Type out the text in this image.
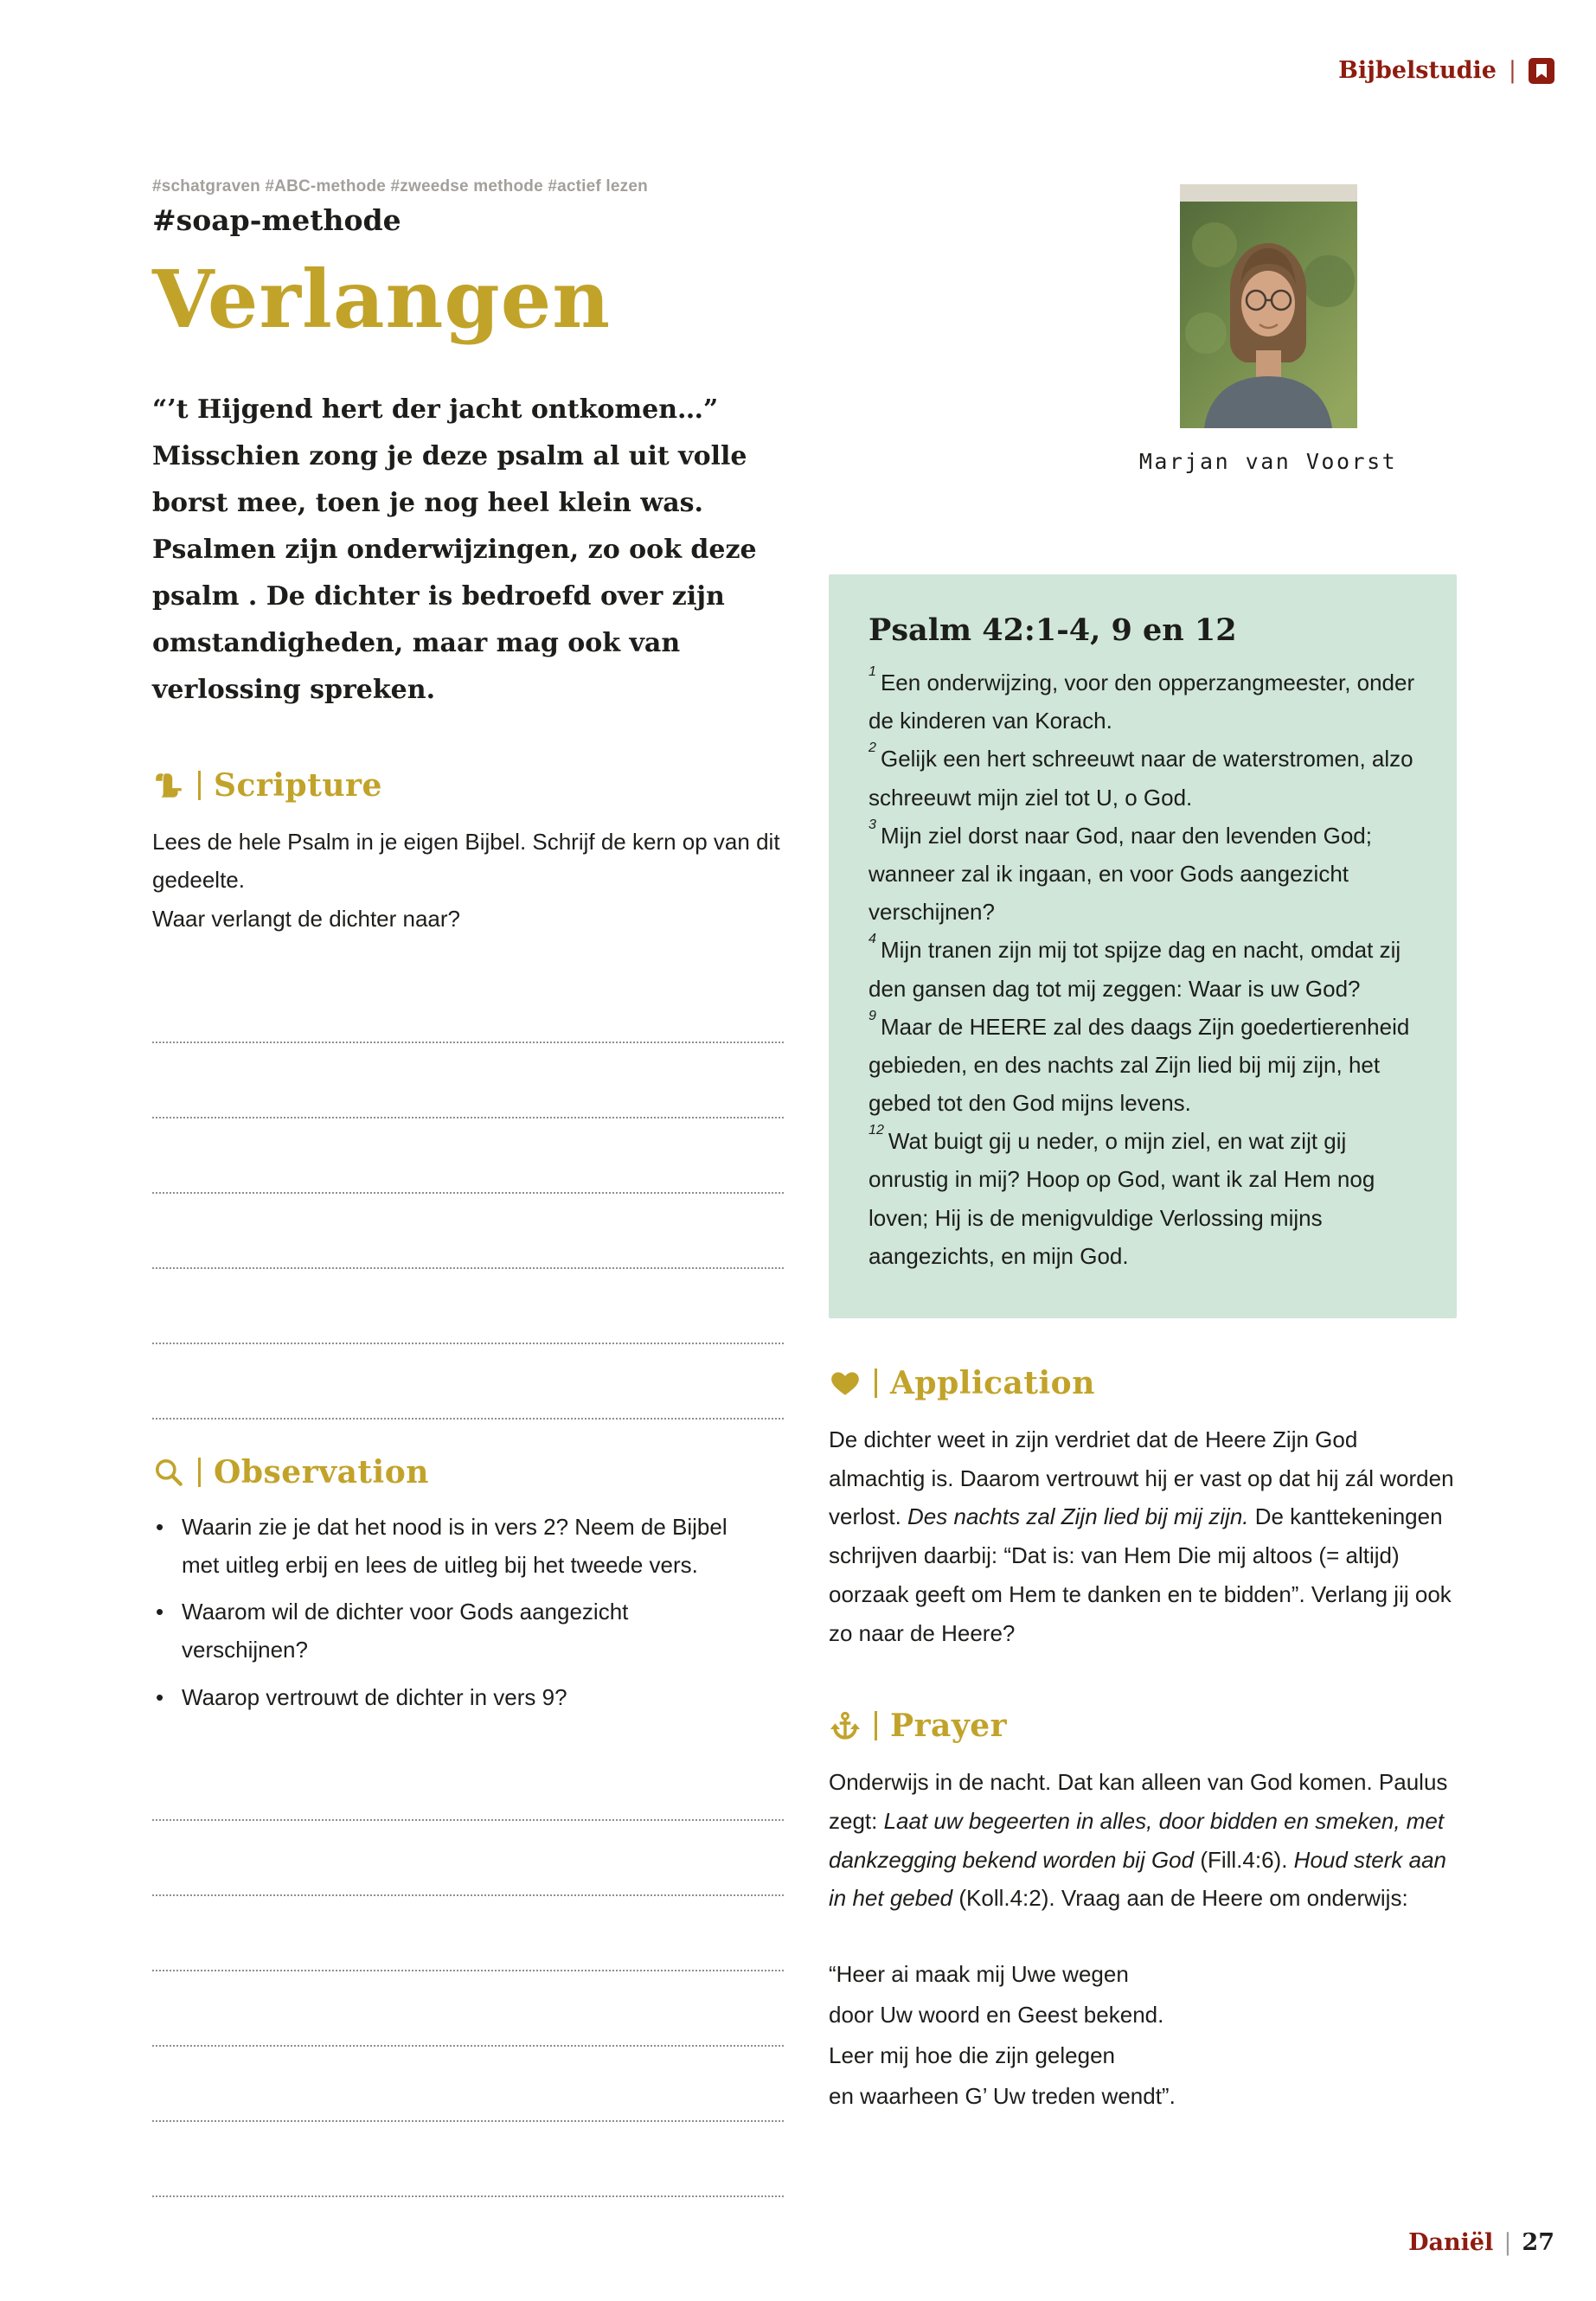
Bijbelstudie |

#schatgraven #ABC-methode #zweedse methode #actief lezen

#soap-methode

Verlangen

“’t Hijgend hert der jacht ontkomen…”

Misschien zong je deze psalm al uit volle borst mee, toen je nog heel klein was. Psalmen zijn onderwijzingen, zo ook deze psalm . De dichter is bedroefd over zijn omstandigheden, maar mag ook van verlossing spreken.

Scripture

Lees de hele Psalm in je eigen Bijbel. Schrijf de kern op van dit gedeelte.

Waar verlangt de dichter naar?

Observation
• Waarin zie je dat het nood is in vers 2? Neem de Bijbel met uitleg erbij en lees de uitleg bij het tweede vers.
• Waarom wil de dichter voor Gods aangezicht verschijnen?
• Waarop vertrouwt de dichter in vers 9?
Marjan van Voorst
Psalm 42:1-4, 9 en 12

$^1$ Een onderwijzing, voor den opperzangmeester, onder de kinderen van Korach.

$^2$ Gelijk een hert schreeuwt naar de waterstromen, alzo schreeuwt mijn ziel tot U, o God.

$^3$ Mijn ziel dorst naar God, naar den levenden God; wanneer zal ik ingaan, en voor Gods aangezicht verschijnen?

$^4$ Mijn tranen zijn mij tot spijze dag en nacht, omdat zij den gansen dag tot mij zeggen: Waar is uw God?

$^9$ Maar de HEERE zal des daags Zijn goedertierenheid gebieden, en des nachts zal Zijn lied bij mij zijn, het gebed tot den God mijns levens.

$^{12}$ Wat buigt gij u neder, o mijn ziel, en wat zijt gij onrustig in mij? Hoop op God, want ik zal Hem nog loven; Hij is de menigvuldige Verlossing mijns aangezichts, en mijn God.

Application

De dichter weet in zijn verdriet dat de Heere Zijn God almachtig is. Daarom vertrouwt hij er vast op dat hij zál worden verlost. Des nachts zal Zijn lied bij mij zijn. De kanttekeningen schrijven daarbij: “Dat is: van Hem Die mij altoos (= altijd) oorzaak geeft om Hem te danken en te bidden”. Verlang jij ook zo naar de Heere?

Prayer

Onderwijs in de nacht. Dat kan alleen van God komen. Paulus zegt: Laat uw begeerten in alles, door bidden en smeken, met dankzegging bekend worden bij God (Fill.4:6). Houd sterk aan in het gebed (Koll.4:2). Vraag aan de Heere om onderwijs:

“Heer ai maak mij Uwe wegen
door Uw woord en Geest bekend.
Leer mij hoe die zijn gelegen
en waarheen G’ Uw treden wendt”.
Daniël | 27
